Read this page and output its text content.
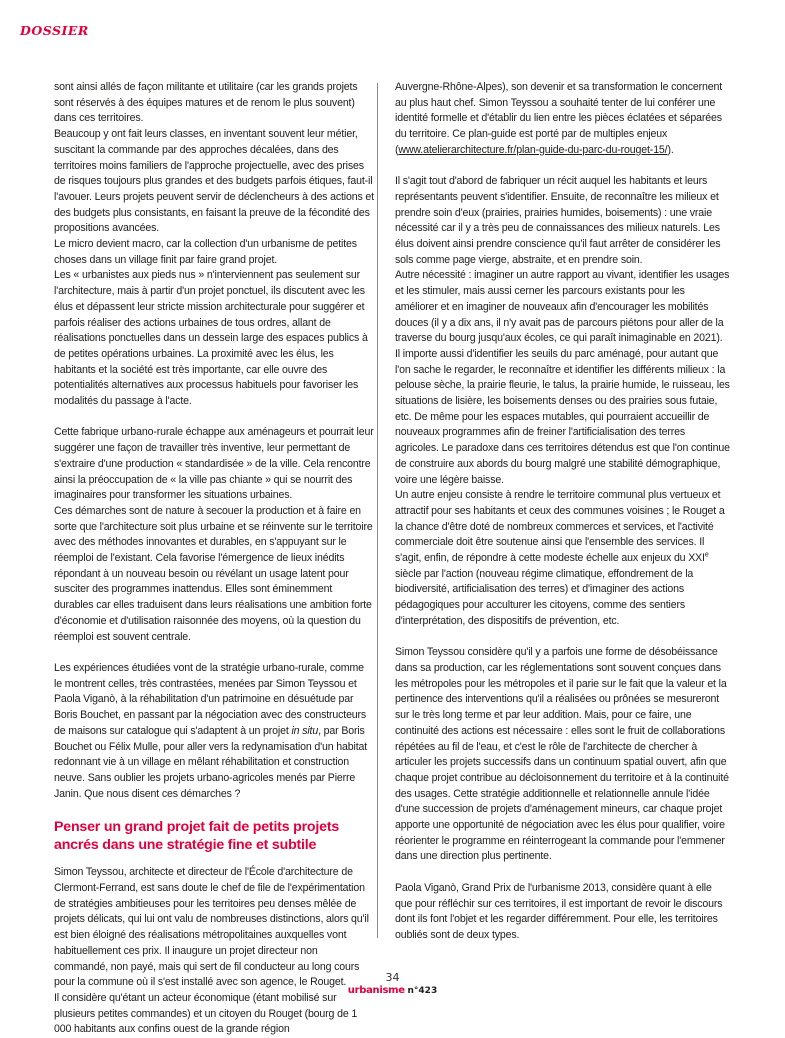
DOSSIER

sont ainsi allés de façon militante et utilitaire (car les grands projets sont réservés à des équipes matures et de renom le plus souvent) dans ces territoires.

Beaucoup y ont fait leurs classes, en inventant souvent leur métier, suscitant la commande par des approches décalées, dans des territoires moins familiers de l'approche projectuelle, avec des prises de risques toujours plus grandes et des budgets parfois étiques, faut-il l'avouer. Leurs projets peuvent servir de déclencheurs à des actions et des budgets plus consistants, en faisant la preuve de la fécondité des propositions avancées.

Le micro devient macro, car la collection d'un urbanisme de petites choses dans un village finit par faire grand projet.

Les « urbanistes aux pieds nus » n'interviennent pas seulement sur l'architecture, mais à partir d'un projet ponctuel, ils discutent avec les élus et dépassent leur stricte mission architecturale pour suggérer et parfois réaliser des actions urbaines de tous ordres, allant de réalisations ponctuelles dans un dessein large des espaces publics à de petites opérations urbaines. La proximité avec les élus, les habitants et la société est très importante, car elle ouvre des potentialités alternatives aux processus habituels pour favoriser les modalités du passage à l'acte.

Cette fabrique urbano-rurale échappe aux aménageurs et pourrait leur suggérer une façon de travailler très inventive, leur permettant de s'extraire d'une production « standardisée » de la ville. Cela rencontre ainsi la préoccupation de « la ville pas chiante » qui se nourrit des imaginaires pour transformer les situations urbaines.

Ces démarches sont de nature à secouer la production et à faire en sorte que l'architecture soit plus urbaine et se réinvente sur le territoire avec des méthodes innovantes et durables, en s'appuyant sur le réemploi de l'existant. Cela favorise l'émergence de lieux inédits répondant à un nouveau besoin ou révélant un usage latent pour susciter des programmes inattendus. Elles sont éminemment durables car elles traduisent dans leurs réalisations une ambition forte d'économie et d'utilisation raisonnée des moyens, où la question du réemploi est souvent centrale.

Les expériences étudiées vont de la stratégie urbano-rurale, comme le montrent celles, très contrastées, menées par Simon Teyssou et Paola Viganò, à la réhabilitation d'un patrimoine en désuétude par Boris Bouchet, en passant par la négociation avec des constructeurs de maisons sur catalogue qui s'adaptent à un projet in situ, par Boris Bouchet ou Félix Mulle, pour aller vers la redynamisation d'un habitat redonnant vie à un village en mêlant réhabilitation et construction neuve. Sans oublier les projets urbano-agricoles menés par Pierre Janin. Que nous disent ces démarches ?

Penser un grand projet fait de petits projets ancrés dans une stratégie fine et subtile

Simon Teyssou, architecte et directeur de l'École d'architecture de Clermont-Ferrand, est sans doute le chef de file de l'expérimentation de stratégies ambitieuses pour les territoires peu denses mêlée de projets délicats, qui lui ont valu de nombreuses distinctions, alors qu'il est bien éloigné des réalisations métropolitaines auxquelles vont habituellement ces prix. Il inaugure un projet directeur non commandé, non payé, mais qui sert de fil conducteur au long cours pour la commune où il s'est installé avec son agence, le Rouget.

Il considère qu'étant un acteur économique (étant mobilisé sur plusieurs petites commandes) et un citoyen du Rouget (bourg de 1 000 habitants aux confins ouest de la grande région

Auvergne-Rhône-Alpes), son devenir et sa transformation le concernent au plus haut chef. Simon Teyssou a souhaité tenter de lui conférer une identité formelle et d'établir du lien entre les pièces éclatées et séparées du territoire. Ce plan-guide est porté par de multiples enjeux (www.atelierarchitecture.fr/plan-guide-du-parc-du-rouget-15/).

Il s'agit tout d'abord de fabriquer un récit auquel les habitants et leurs représentants peuvent s'identifier. Ensuite, de reconnaître les milieux et prendre soin d'eux (prairies, prairies humides, boisements) : une vraie nécessité car il y a très peu de connaissances des milieux naturels. Les élus doivent ainsi prendre conscience qu'il faut arrêter de considérer les sols comme page vierge, abstraite, et en prendre soin.

Autre nécessité : imaginer un autre rapport au vivant, identifier les usages et les stimuler, mais aussi cerner les parcours existants pour les améliorer et en imaginer de nouveaux afin d'encourager les mobilités douces (il y a dix ans, il n'y avait pas de parcours piétons pour aller de la traverse du bourg jusqu'aux écoles, ce qui paraît inimaginable en 2021).

Il importe aussi d'identifier les seuils du parc aménagé, pour autant que l'on sache le regarder, le reconnaître et identifier les différents milieux : la pelouse sèche, la prairie fleurie, le talus, la prairie humide, le ruisseau, les situations de lisière, les boisements denses ou des prairies sous futaie, etc. De même pour les espaces mutables, qui pourraient accueillir de nouveaux programmes afin de freiner l'artificialisation des terres agricoles. Le paradoxe dans ces territoires détendus est que l'on continue de construire aux abords du bourg malgré une stabilité démographique, voire une légère baisse.

Un autre enjeu consiste à rendre le territoire communal plus vertueux et attractif pour ses habitants et ceux des communes voisines ; le Rouget a la chance d'être doté de nombreux commerces et services, et l'activité commerciale doit être soutenue ainsi que l'ensemble des services. Il s'agit, enfin, de répondre à cette modeste échelle aux enjeux du XXIe siècle par l'action (nouveau régime climatique, effondrement de la biodiversité, artificialisation des terres) et d'imaginer des actions pédagogiques pour acculturer les citoyens, comme des sentiers d'interprétation, des dispositifs de prévention, etc.

Simon Teyssou considère qu'il y a parfois une forme de désobéissance dans sa production, car les réglementations sont souvent conçues dans les métropoles pour les métropoles et il parie sur le fait que la valeur et la pertinence des interventions qu'il a réalisées ou prônées se mesureront sur le très long terme et par leur addition. Mais, pour ce faire, une continuité des actions est nécessaire : elles sont le fruit de collaborations répétées au fil de l'eau, et c'est le rôle de l'architecte de chercher à articuler les projets successifs dans un continuum spatial ouvert, afin que chaque projet contribue au décloisonnement du territoire et à la continuité des usages. Cette stratégie additionnelle et relationnelle annule l'idée d'une succession de projets d'aménagement mineurs, car chaque projet apporte une opportunité de négociation avec les élus pour qualifier, voire réorienter le programme en réinterrogeant la commande pour l'emmener dans une direction plus pertinente.

Paola Viganò, Grand Prix de l'urbanisme 2013, considère quant à elle que pour réfléchir sur ces territoires, il est important de revoir le discours dont ils font l'objet et les regarder différemment. Pour elle, les territoires oubliés sont de deux types.

34
urbanisme n°423
